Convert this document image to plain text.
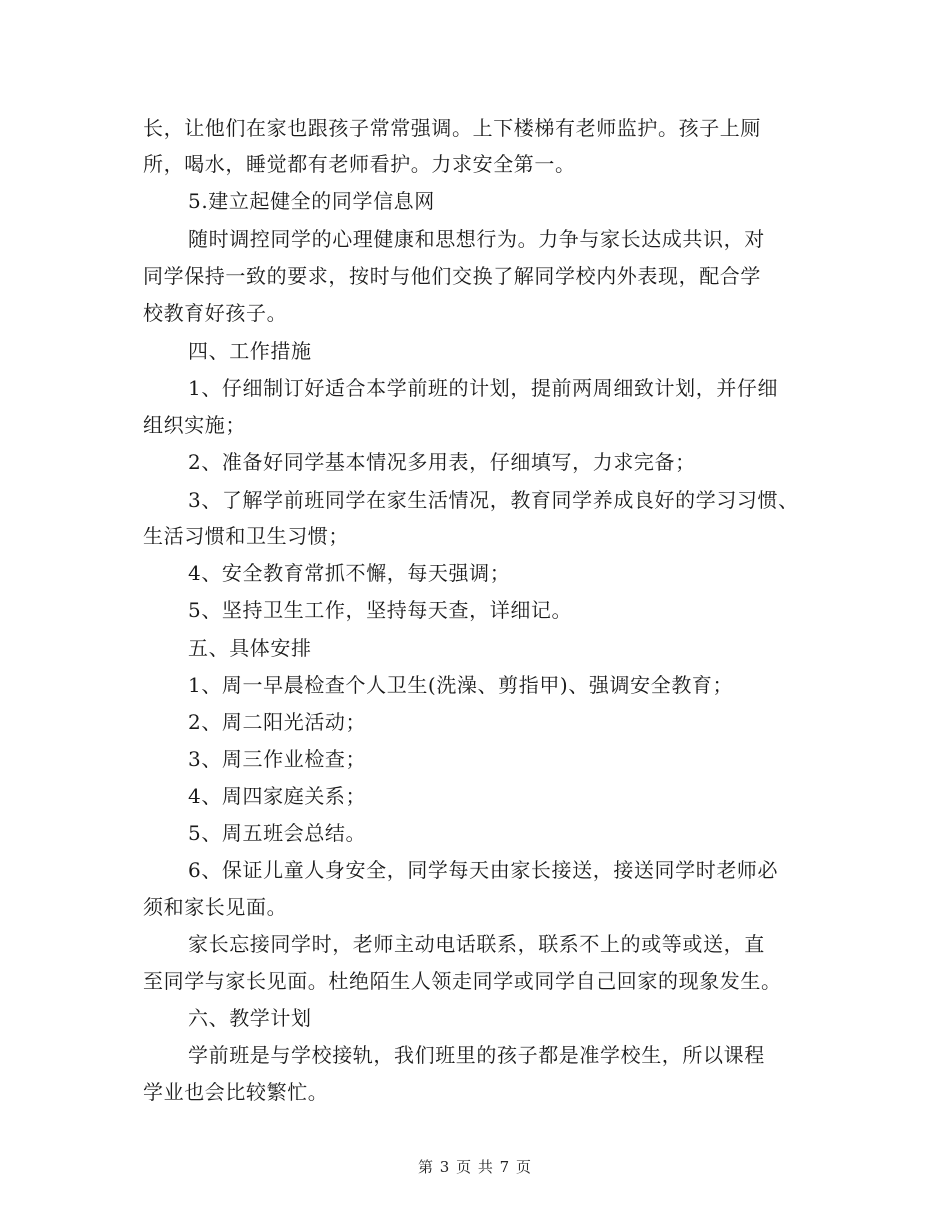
长，让他们在家也跟孩子常常强调。上下楼梯有老师监护。孩子上厕
所，喝水，睡觉都有老师看护。力求安全第一。
5.建立起健全的同学信息网
随时调控同学的心理健康和思想行为。力争与家长达成共识，对
同学保持一致的要求，按时与他们交换了解同学校内外表现，配合学
校教育好孩子。
四、工作措施
1、仔细制订好适合本学前班的计划，提前两周细致计划，并仔细
组织实施；
2、准备好同学基本情况多用表，仔细填写，力求完备；
3、了解学前班同学在家生活情况，教育同学养成良好的学习习惯、
生活习惯和卫生习惯；
4、安全教育常抓不懈，每天强调；
5、坚持卫生工作，坚持每天查，详细记。
五、具体安排
1、周一早晨检查个人卫生(洗澡、剪指甲)、强调安全教育；
2、周二阳光活动；
3、周三作业检查；
4、周四家庭关系；
5、周五班会总结。
6、保证儿童人身安全，同学每天由家长接送，接送同学时老师必
须和家长见面。
家长忘接同学时，老师主动电话联系，联系不上的或等或送，直
至同学与家长见面。杜绝陌生人领走同学或同学自己回家的现象发生。
六、教学计划
学前班是与学校接轨，我们班里的孩子都是准学校生，所以课程
学业也会比较繁忙。
第 3 页 共 7 页
